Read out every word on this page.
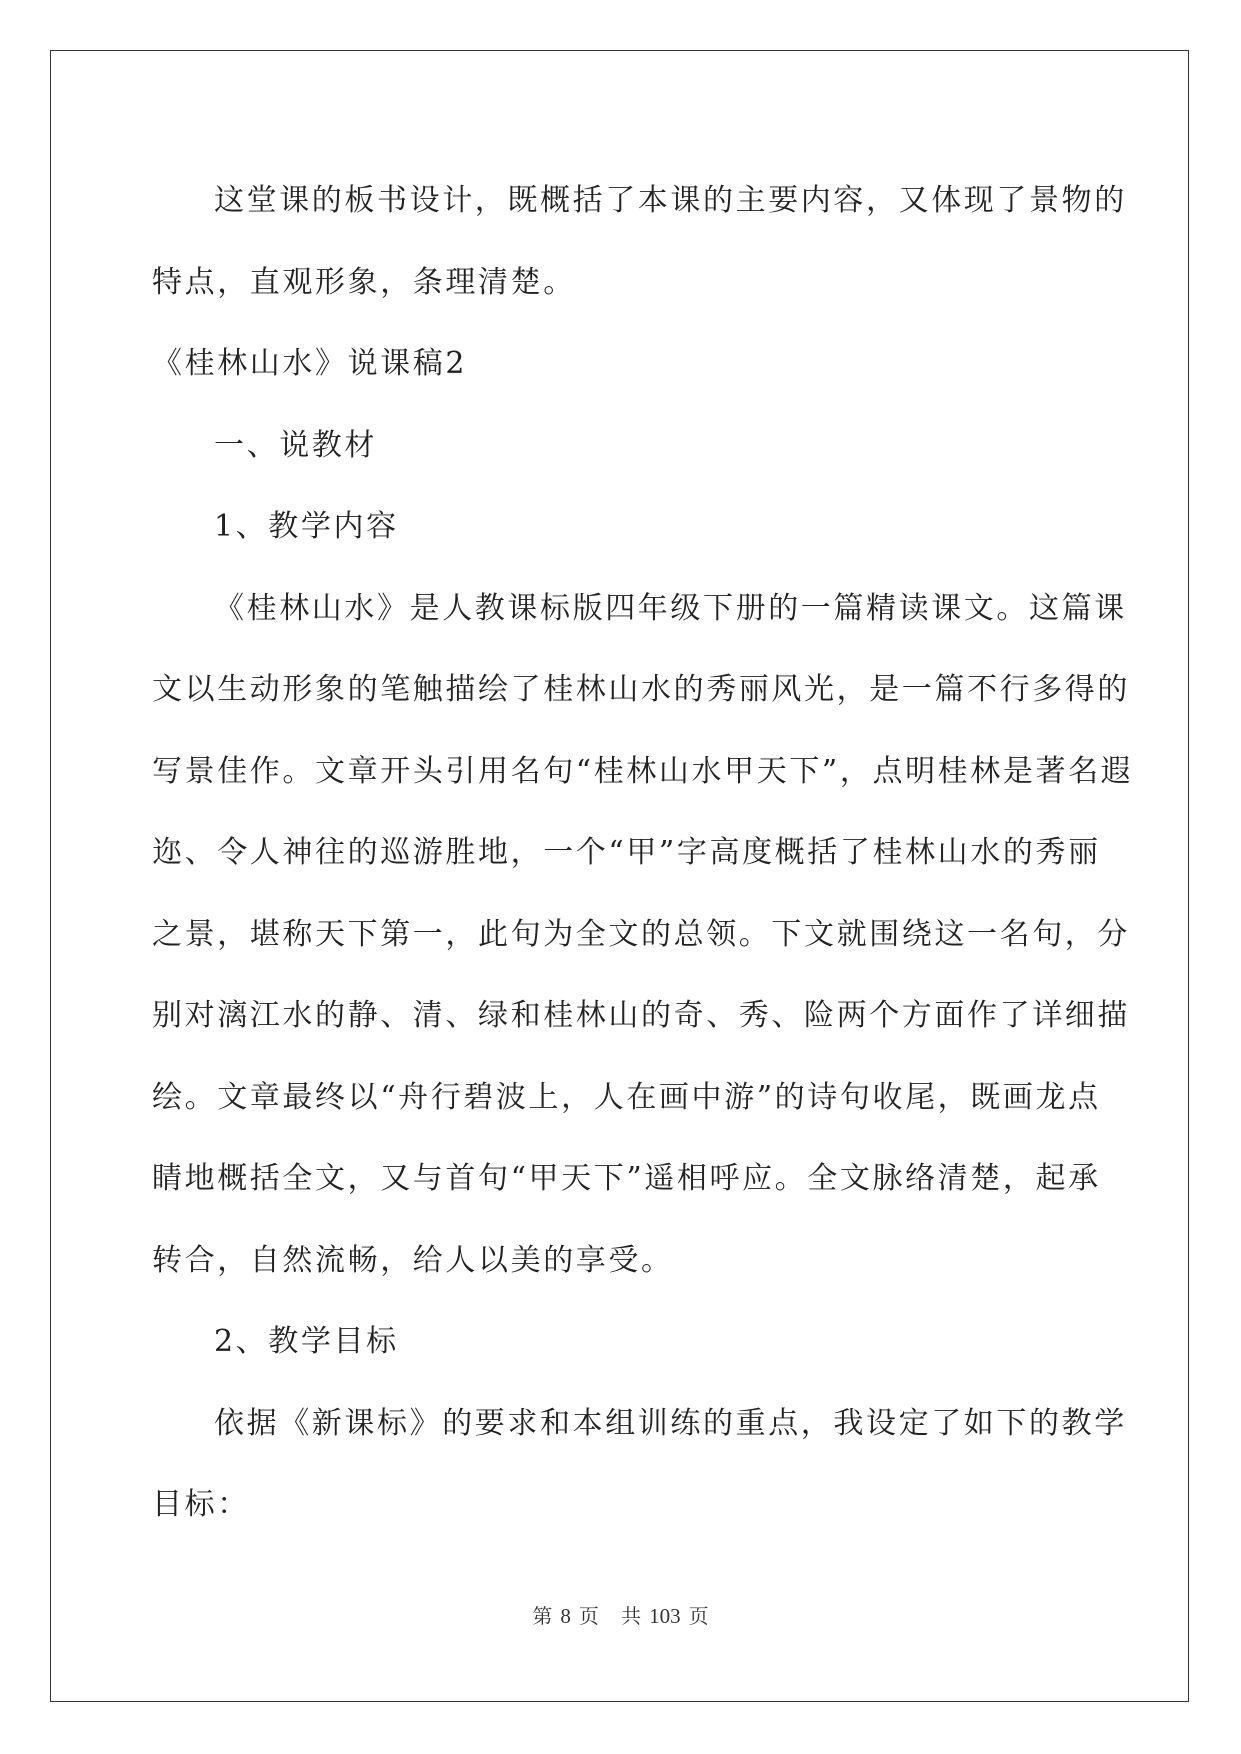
这堂课的板书设计，既概括了本课的主要内容，又体现了景物的
特点，直观形象，条理清楚。
《桂林山水》说课稿2
一、说教材
1、教学内容
《桂林山水》是人教课标版四年级下册的一篇精读课文。这篇课
文以生动形象的笔触描绘了桂林山水的秀丽风光，是一篇不行多得的
写景佳作。文章开头引用名句“桂林山水甲天下”，点明桂林是著名遐
迩、令人神往的巡游胜地，一个“甲”字高度概括了桂林山水的秀丽
之景，堪称天下第一，此句为全文的总领。下文就围绕这一名句，分
别对漓江水的静、清、绿和桂林山的奇、秀、险两个方面作了详细描
绘。文章最终以“舟行碧波上，人在画中游”的诗句收尾，既画龙点
睛地概括全文，又与首句“甲天下”遥相呼应。全文脉络清楚，起承
转合，自然流畅，给人以美的享受。
2、教学目标
依据《新课标》的要求和本组训练的重点，我设定了如下的教学
目标：
第 8 页 共 103 页
